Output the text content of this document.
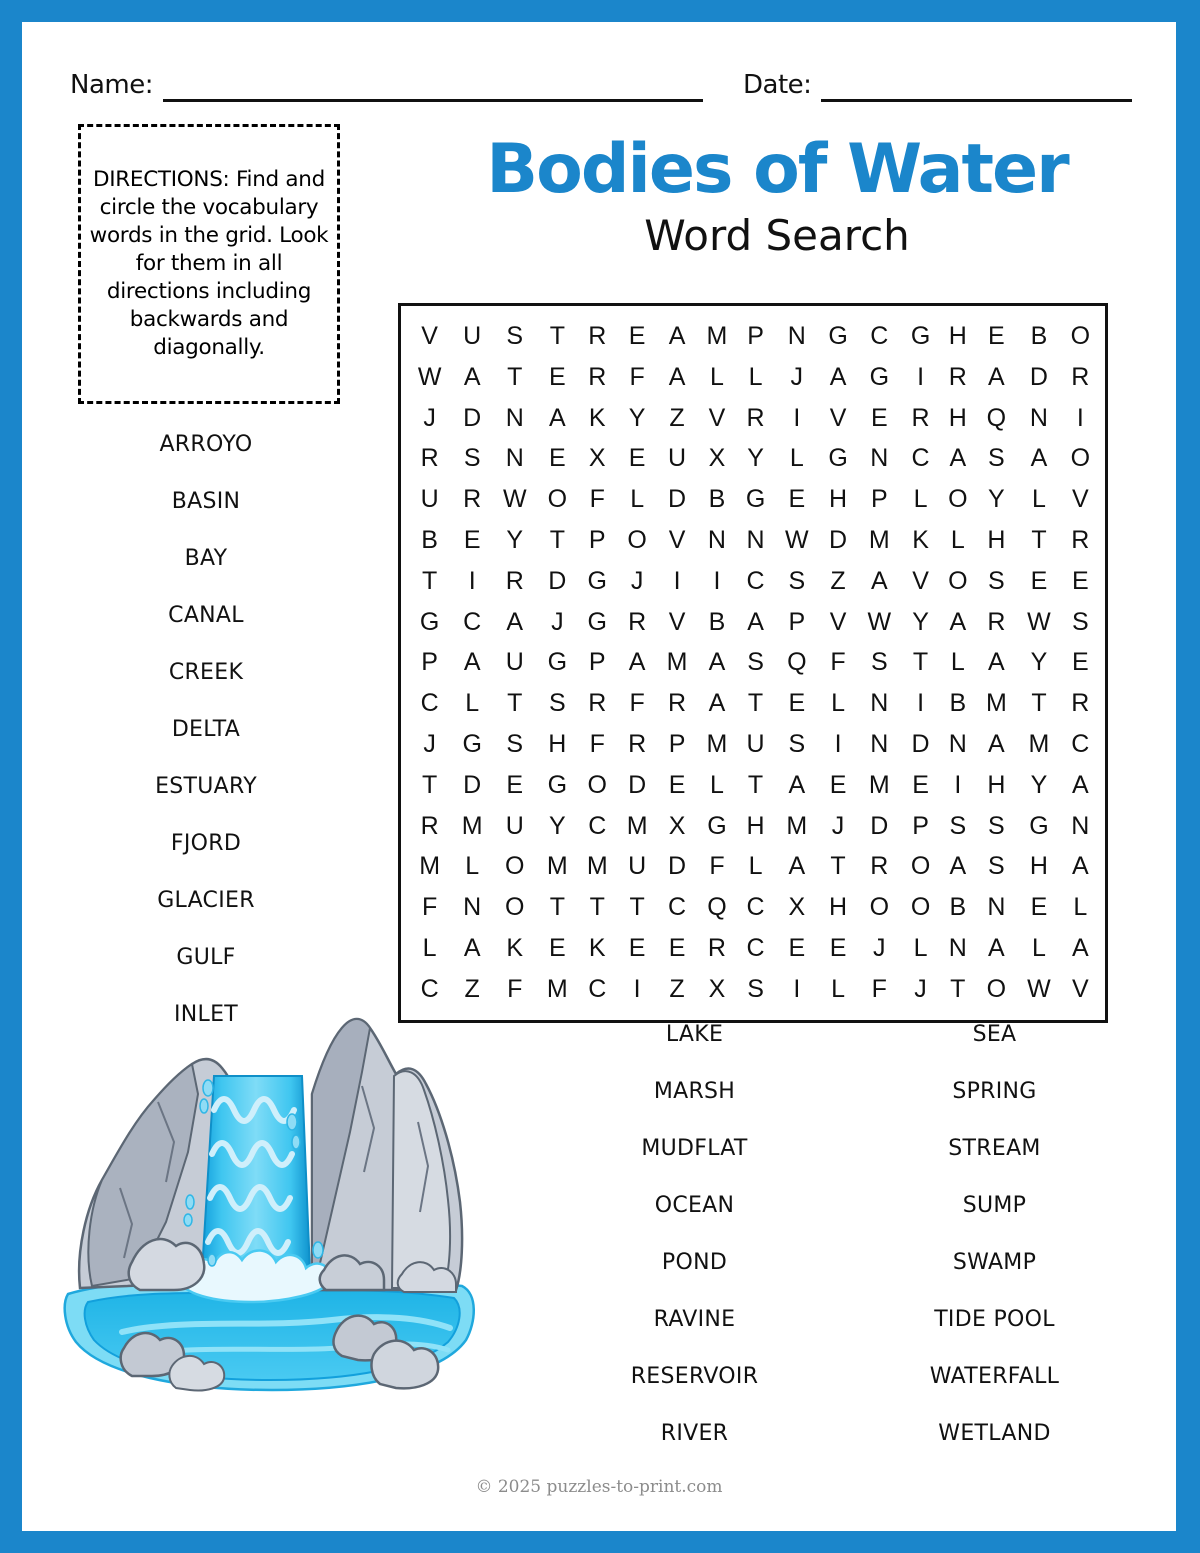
Name:	Date:
DIRECTIONS: Find and circle the vocabulary words in the grid. Look for them in all directions including backwards and diagonally.
Bodies of Water
Word Search
V	U	S	T	R	E	A	M	P	N	G	C	G	H	E	B	O
W	A	T	E	R	F	A	L	L	J	A	G	I	R	A	D	R
J	D	N	A	K	Y	Z	V	R	I	V	E	R	H	Q	N	I
R	S	N	E	X	E	U	X	Y	L	G	N	C	A	S	A	O
U	R	W	O	F	L	D	B	G	E	H	P	L	O	Y	L	V
B	E	Y	T	P	O	V	N	N	W	D	M	K	L	H	T	R
T	I	R	D	G	J	I	I	C	S	Z	A	V	O	S	E	E
G	C	A	J	G	R	V	B	A	P	V	W	Y	A	R	W	S
P	A	U	G	P	A	M	A	S	Q	F	S	T	L	A	Y	E
C	L	T	S	R	F	R	A	T	E	L	N	I	B	M	T	R
J	G	S	H	F	R	P	M	U	S	I	N	D	N	A	M	C
T	D	E	G	O	D	E	L	T	A	E	M	E	I	H	Y	A
R	M	U	Y	C	M	X	G	H	M	J	D	P	S	S	G	N
M	L	O	M	M	U	D	F	L	A	T	R	O	A	S	H	A
F	N	O	T	T	T	C	Q	C	X	H	O	O	B	N	E	L
L	A	K	E	K	E	E	R	C	E	E	J	L	N	A	L	A
C	Z	F	M	C	I	Z	X	S	I	L	F	J	T	O	W	V
ARROYO
BASIN
BAY
CANAL
CREEK
DELTA
ESTUARY
FJORD
GLACIER
GULF
INLET
LAKE
MARSH
MUDFLAT
OCEAN
POND
RAVINE
RESERVOIR
RIVER
SEA
SPRING
STREAM
SUMP
SWAMP
TIDE POOL
WATERFALL
WETLAND
© 2025 puzzles-to-print.com
